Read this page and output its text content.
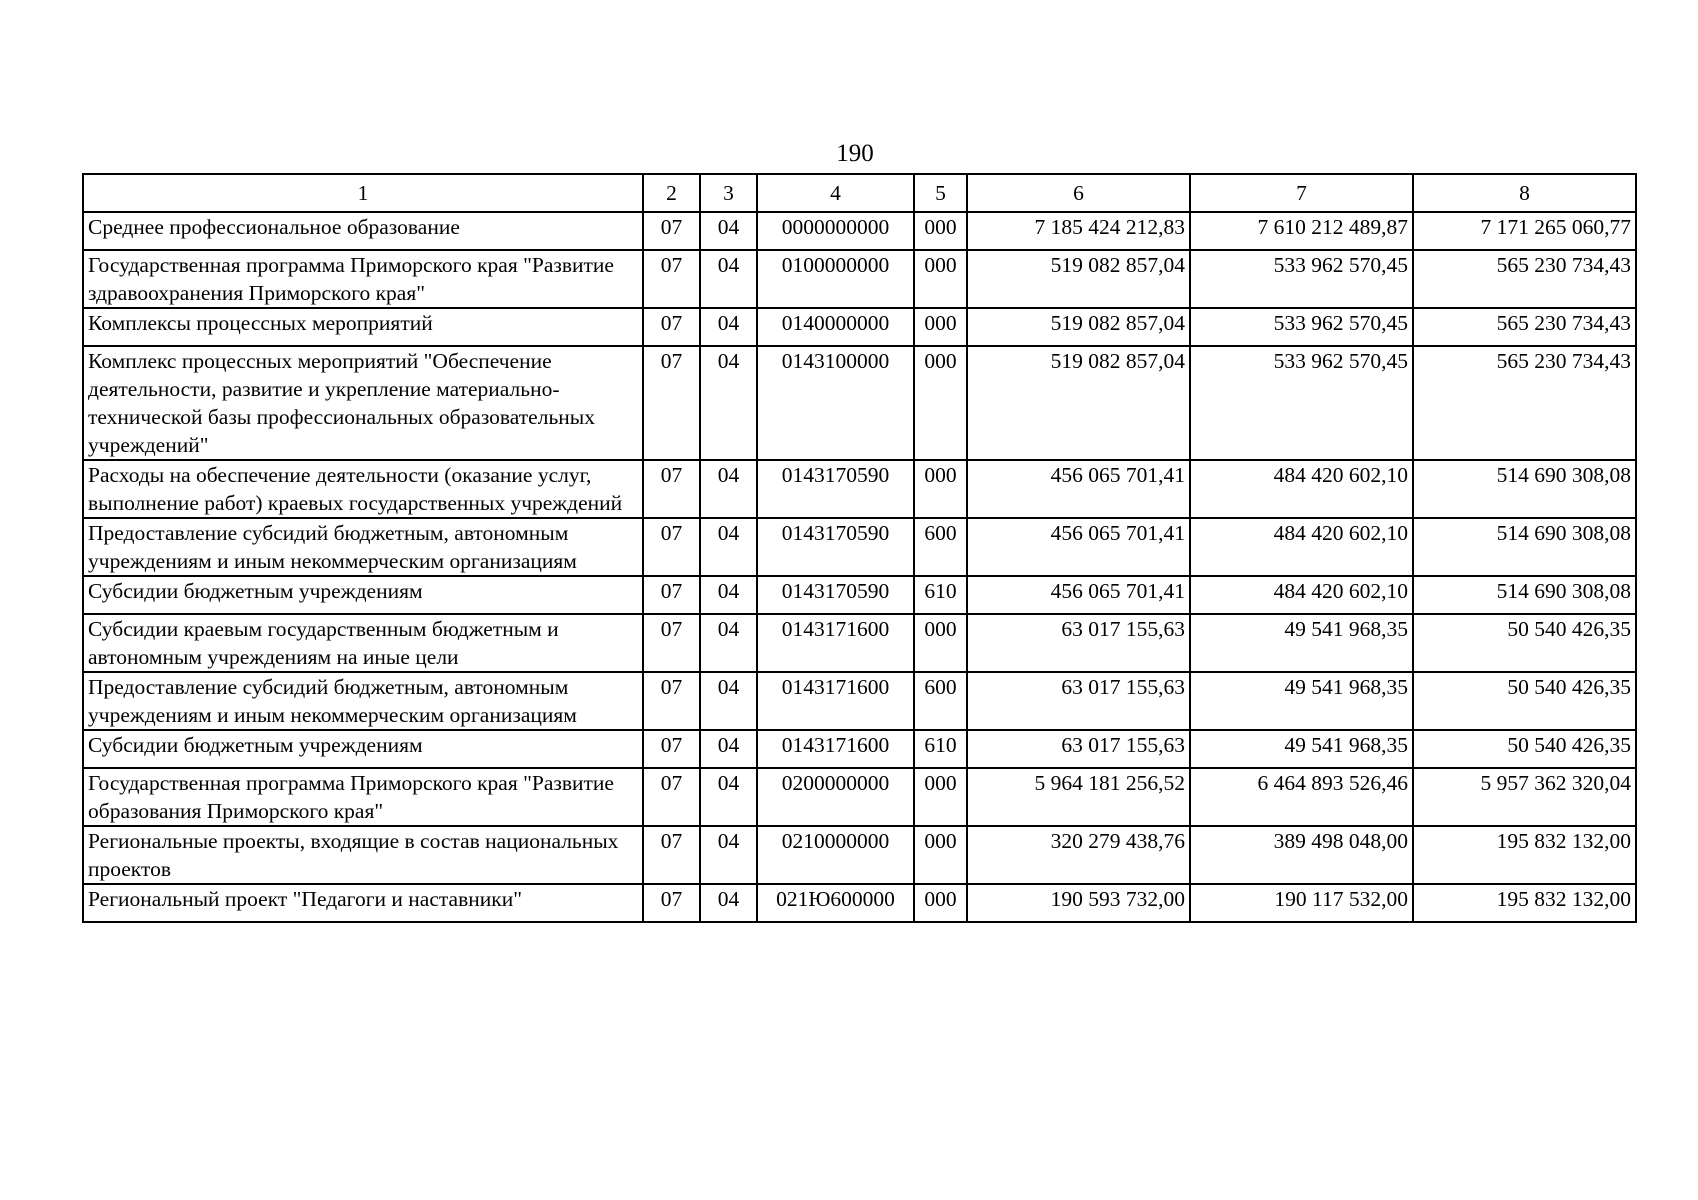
190
1	2	3	4	5	6	7	8
Среднее профессиональное образование	07	04	0000000000	000	7 185 424 212,83	7 610 212 489,87	7 171 265 060,77
Государственная программа Приморского края "Развитие здравоохранения Приморского края"	07	04	0100000000	000	519 082 857,04	533 962 570,45	565 230 734,43
Комплексы процессных мероприятий	07	04	0140000000	000	519 082 857,04	533 962 570,45	565 230 734,43
Комплекс процессных мероприятий "Обеспечение деятельности, развитие и укрепление материально-технической базы профессиональных образовательных учреждений"	07	04	0143100000	000	519 082 857,04	533 962 570,45	565 230 734,43
Расходы на обеспечение деятельности (оказание услуг, выполнение работ) краевых государственных учреждений	07	04	0143170590	000	456 065 701,41	484 420 602,10	514 690 308,08
Предоставление субсидий бюджетным, автономным учреждениям и иным некоммерческим организациям	07	04	0143170590	600	456 065 701,41	484 420 602,10	514 690 308,08
Субсидии бюджетным учреждениям	07	04	0143170590	610	456 065 701,41	484 420 602,10	514 690 308,08
Субсидии краевым государственным бюджетным и автономным учреждениям на иные цели	07	04	0143171600	000	63 017 155,63	49 541 968,35	50 540 426,35
Предоставление субсидий бюджетным, автономным учреждениям и иным некоммерческим организациям	07	04	0143171600	600	63 017 155,63	49 541 968,35	50 540 426,35
Субсидии бюджетным учреждениям	07	04	0143171600	610	63 017 155,63	49 541 968,35	50 540 426,35
Государственная программа Приморского края "Развитие образования Приморского края"	07	04	0200000000	000	5 964 181 256,52	6 464 893 526,46	5 957 362 320,04
Региональные проекты, входящие в состав национальных проектов	07	04	0210000000	000	320 279 438,76	389 498 048,00	195 832 132,00
Региональный проект "Педагоги и наставники"	07	04	021Ю600000	000	190 593 732,00	190 117 532,00	195 832 132,00
